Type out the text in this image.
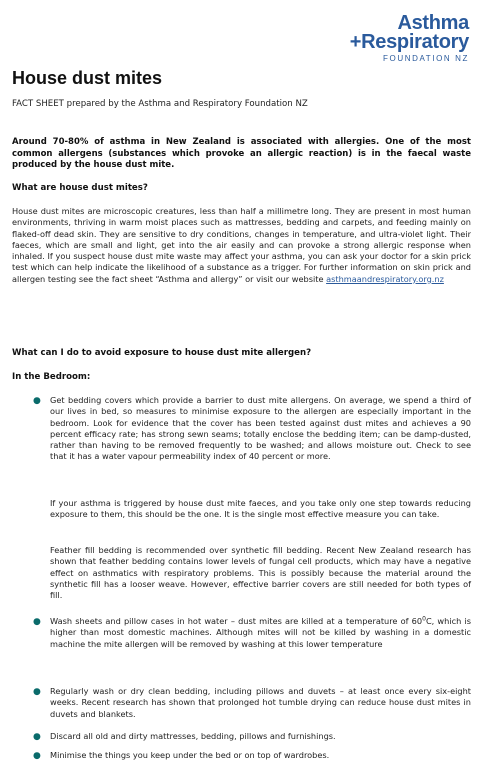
Asthma
+Respiratory
FOUNDATION NZ
House dust mites
FACT SHEET prepared by the Asthma and Respiratory Foundation NZ

Around 70-80% of asthma in New Zealand is associated with allergies. One of the most common allergens (substances which provoke an allergic reaction) is in the faecal waste produced by the house dust mite.

What are house dust mites?

House dust mites are microscopic creatures, less than half a millimetre long. They are present in most human environments, thriving in warm moist places such as mattresses, bedding and carpets, and feeding mainly on flaked-off dead skin. They are sensitive to dry conditions, changes in temperature, and ultra-violet light. Their faeces, which are small and light, get into the air easily and can provoke a strong allergic response when inhaled. If you suspect house dust mite waste may affect your asthma, you can ask your doctor for a skin prick test which can help indicate the likelihood of a substance as a trigger. For further information on skin prick and allergen testing see the fact sheet “Asthma and allergy” or visit our website asthmaandrespiratory.org.nz

What can I do to avoid exposure to house dust mite allergen?

In the Bedroom:

● Get bedding covers which provide a barrier to dust mite allergens. On average, we spend a third of our lives in bed, so measures to minimise exposure to the allergen are especially important in the bedroom. Look for evidence that the cover has been tested against dust mites and achieves a 90 percent efficacy rate; has strong sewn seams; totally enclose the bedding item; can be damp-dusted, rather than having to be removed frequently to be washed; and allows moisture out. Check to see that it has a water vapour permeability index of 40 percent or more.

If your asthma is triggered by house dust mite faeces, and you take only one step towards reducing exposure to them, this should be the one. It is the single most effective measure you can take.

Feather fill bedding is recommended over synthetic fill bedding. Recent New Zealand research has shown that feather bedding contains lower levels of fungal cell products, which may have a negative effect on asthmatics with respiratory problems. This is possibly because the material around the synthetic fill has a looser weave. However, effective barrier covers are still needed for both types of fill.

● Wash sheets and pillow cases in hot water – dust mites are killed at a temperature of $60^0C$, which is higher than most domestic machines. Although mites will not be killed by washing in a domestic machine the mite allergen will be removed by washing at this lower temperature

● Regularly wash or dry clean bedding, including pillows and duvets – at least once every six-eight weeks. Recent research has shown that prolonged hot tumble drying can reduce house dust mites in duvets and blankets.

● Discard all old and dirty mattresses, bedding, pillows and furnishings.

● Minimise the things you keep under the bed or on top of wardrobes.
